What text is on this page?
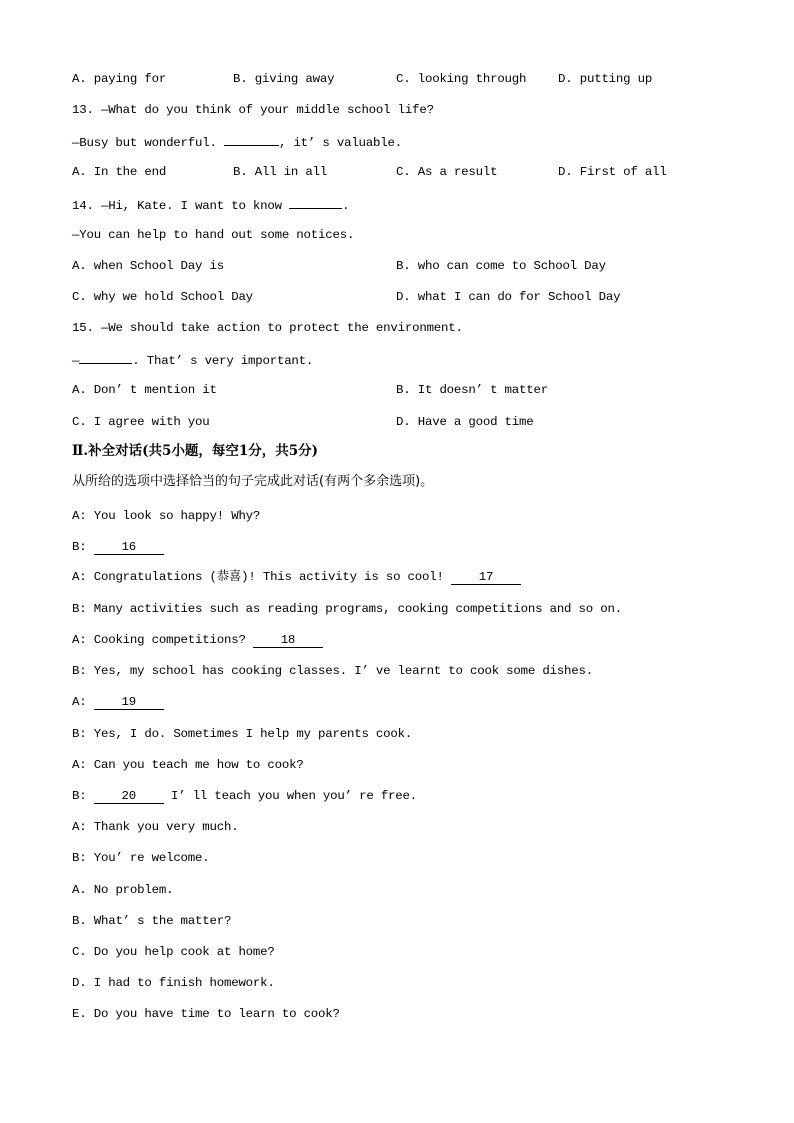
A. paying for	B. giving away	C. looking through	D. putting up
13. —What do you think of your middle school life?
—Busy but wonderful.	, it’ s valuable.
A. In the end	B. All in all	C. As a result	D. First of all
14. —Hi, Kate. I want to know	.
—You can help to hand out some notices.
A. when School Day is	B. who can come to School Day
C. why we hold School Day	D. what I can do for School Day
15. —We should take action to protect the environment.
—	. That’ s very important.
A. Don’ t mention it	B. It doesn’ t matter
C. I agree with you	D. Have a good time
Ⅱ.补全对话(共5小题，每空1分，共5分)
从所给的选项中选择恰当的句子完成此对话(有两个多余选项)。
A: You look so happy! Why?
B:	16
A: Congratulations (恭喜)! This activity is so cool!	17
B: Many activities such as reading programs, cooking competitions and so on.
A: Cooking competitions?	18
B: Yes, my school has cooking classes. I’ ve learnt to cook some dishes.
A:	19
B: Yes, I do. Sometimes I help my parents cook.
A: Can you teach me how to cook?
B:	20	I’ ll teach you when you’ re free.
A: Thank you very much.
B: You’ re welcome.
A. No problem.
B. What’ s the matter?
C. Do you help cook at home?
D. I had to finish homework.
E. Do you have time to learn to cook?
